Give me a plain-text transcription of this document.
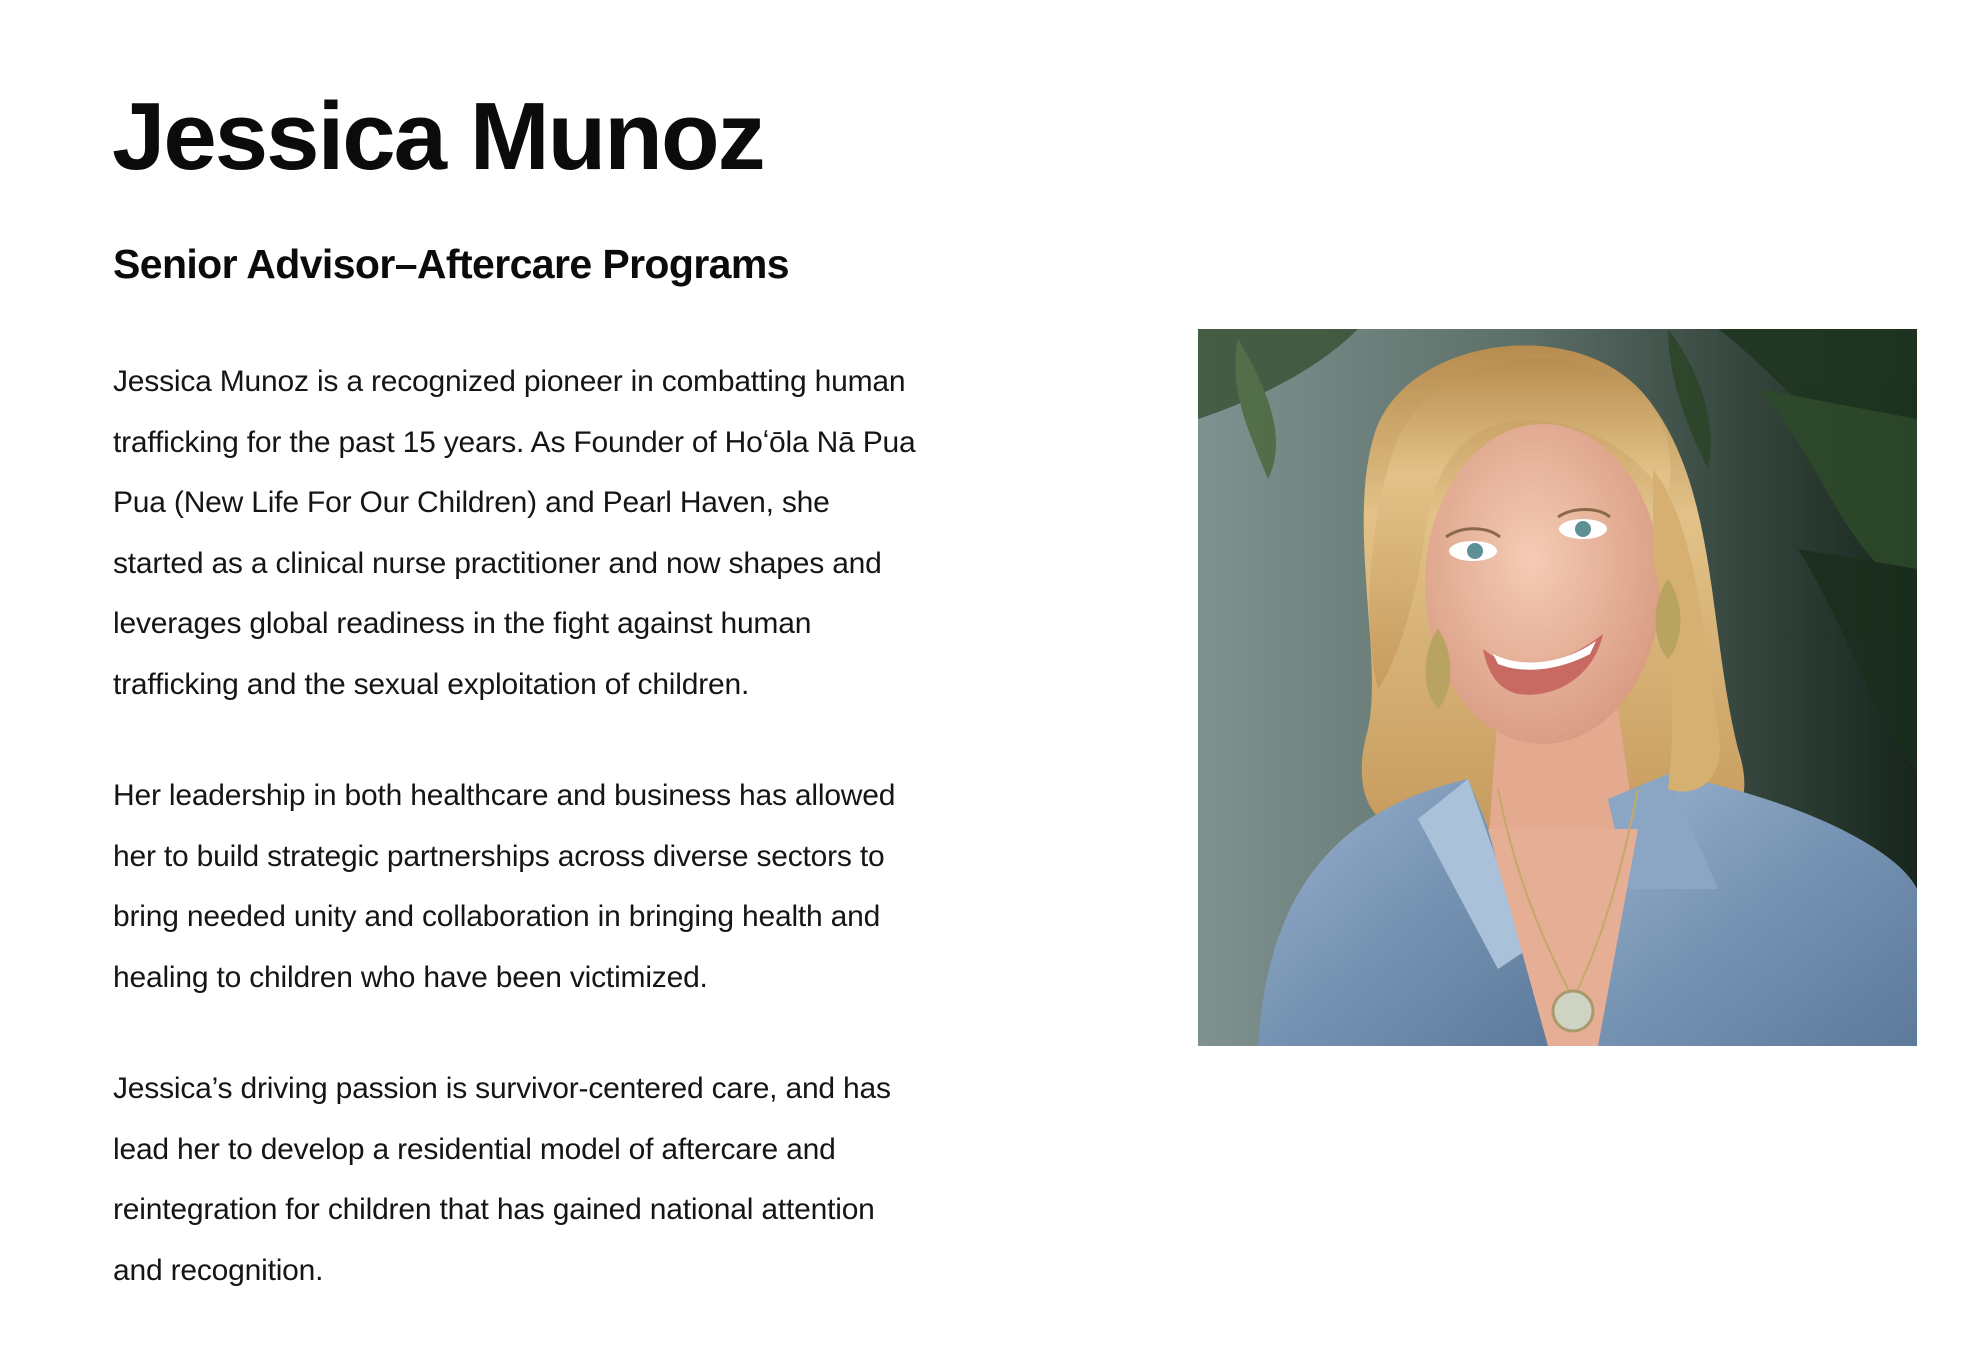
Jessica Munoz
Senior Advisor–Aftercare Programs

Jessica Munoz is a recognized pioneer in combatting human
trafficking for the past 15 years. As Founder of Hoʻōla Nā Pua
Pua (New Life For Our Children) and Pearl Haven, she
started as a clinical nurse practitioner and now shapes and
leverages global readiness in the fight against human
trafficking and the sexual exploitation of children.

Her leadership in both healthcare and business has allowed
her to build strategic partnerships across diverse sectors to
bring needed unity and collaboration in bringing health and
healing to children who have been victimized.

Jessica’s driving passion is survivor-centered care, and has
lead her to develop a residential model of aftercare and
reintegration for children that has gained national attention
and recognition.
